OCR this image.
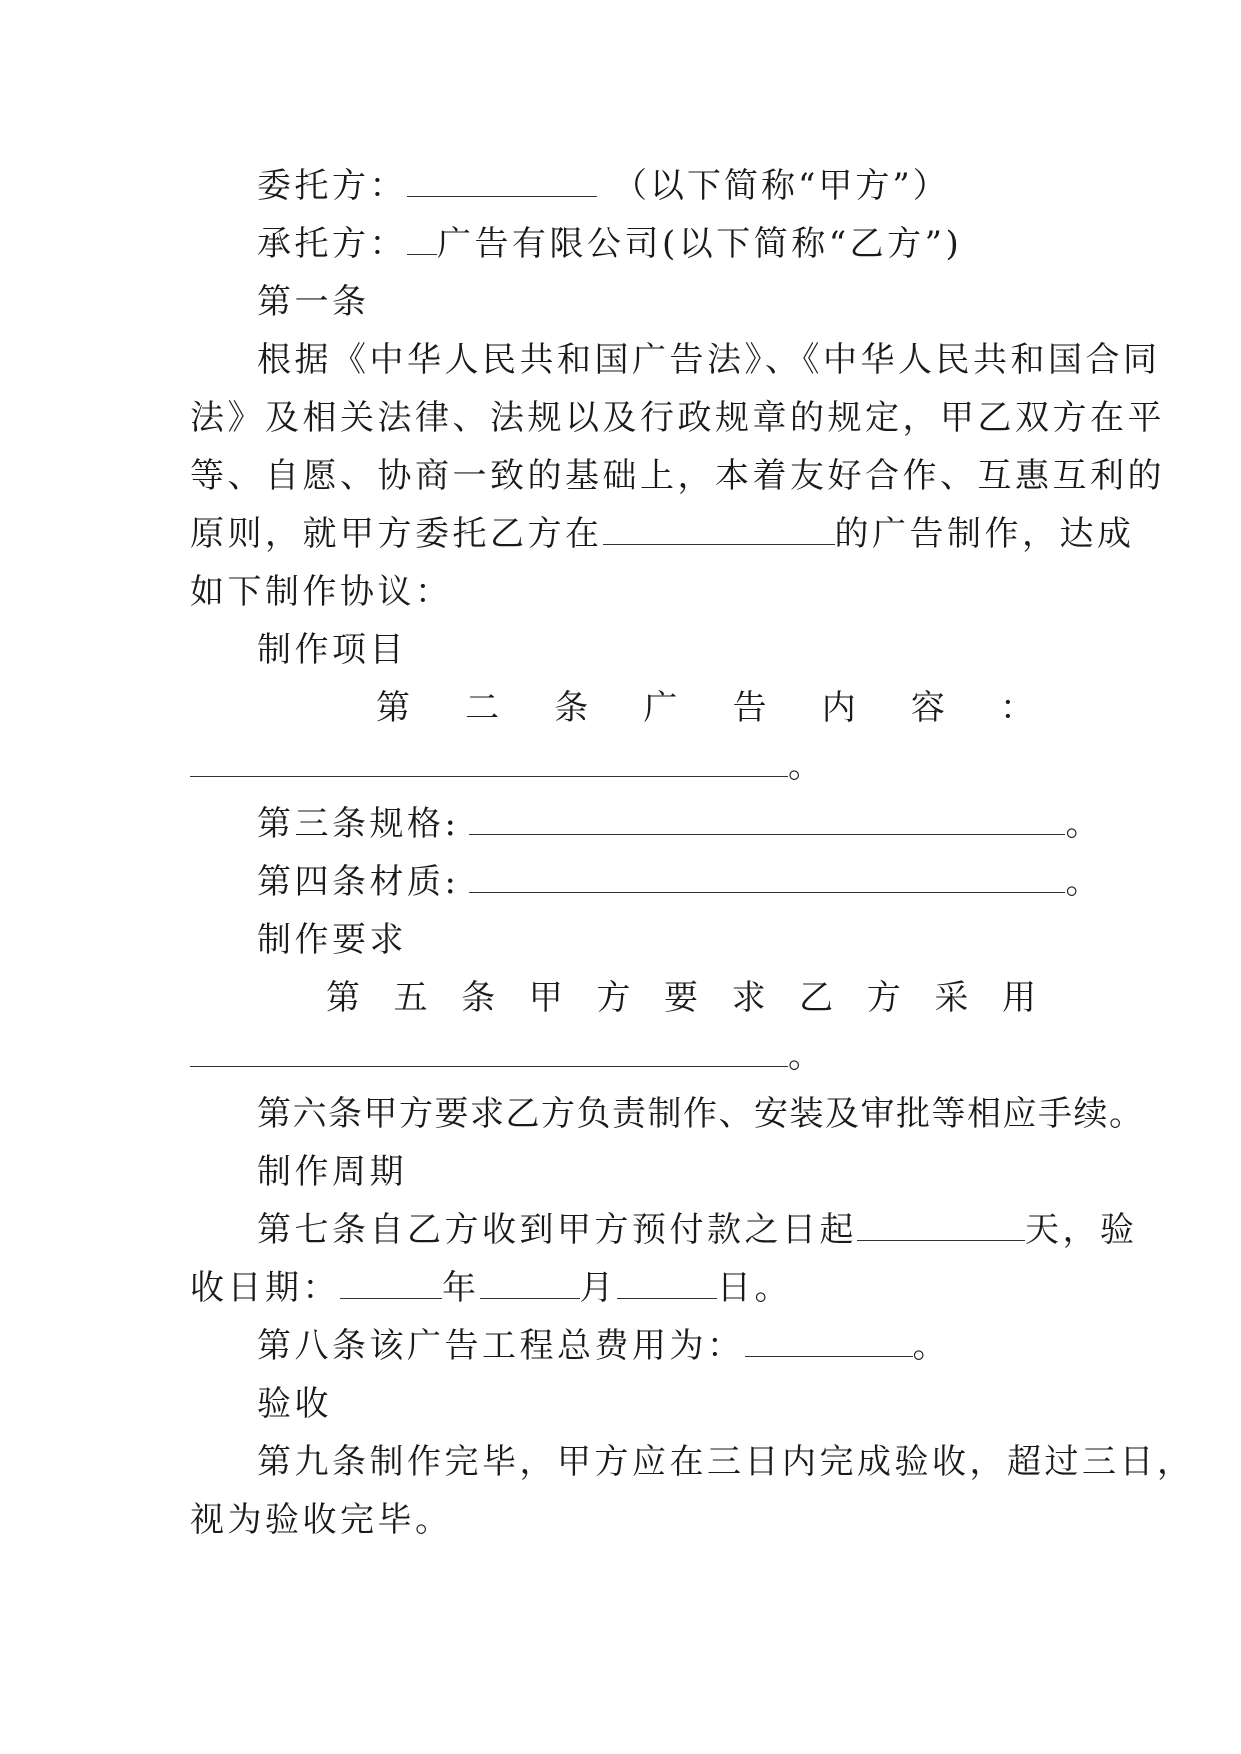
委托方：	（以下简称“甲方”）
承托方： 广告有限公司(以下简称“乙方”)
第一条
根据《中华人民共和国广告法》、《中华人民共和国合同
法》及相关法律、法规以及行政规章的规定，甲乙双方在平
等、自愿、协商一致的基础上，本着友好合作、互惠互利的
原则，就甲方委托乙方在	的广告制作，达成
如下制作协议：
制作项目
第 二 条 广 告 内 容 ：
。
第三条规格:	。
第四条材质:	。
制作要求
第 五 条 甲 方 要 求 乙 方 采 用
。
第六条甲方要求乙方负责制作、安装及审批等相应手续。
制作周期
第七条自乙方收到甲方预付款之日起	天，验
收日期：	年	月	日。
第八条该广告工程总费用为：	。
验收
第九条制作完毕，甲方应在三日内完成验收，超过三日，
视为验收完毕。
